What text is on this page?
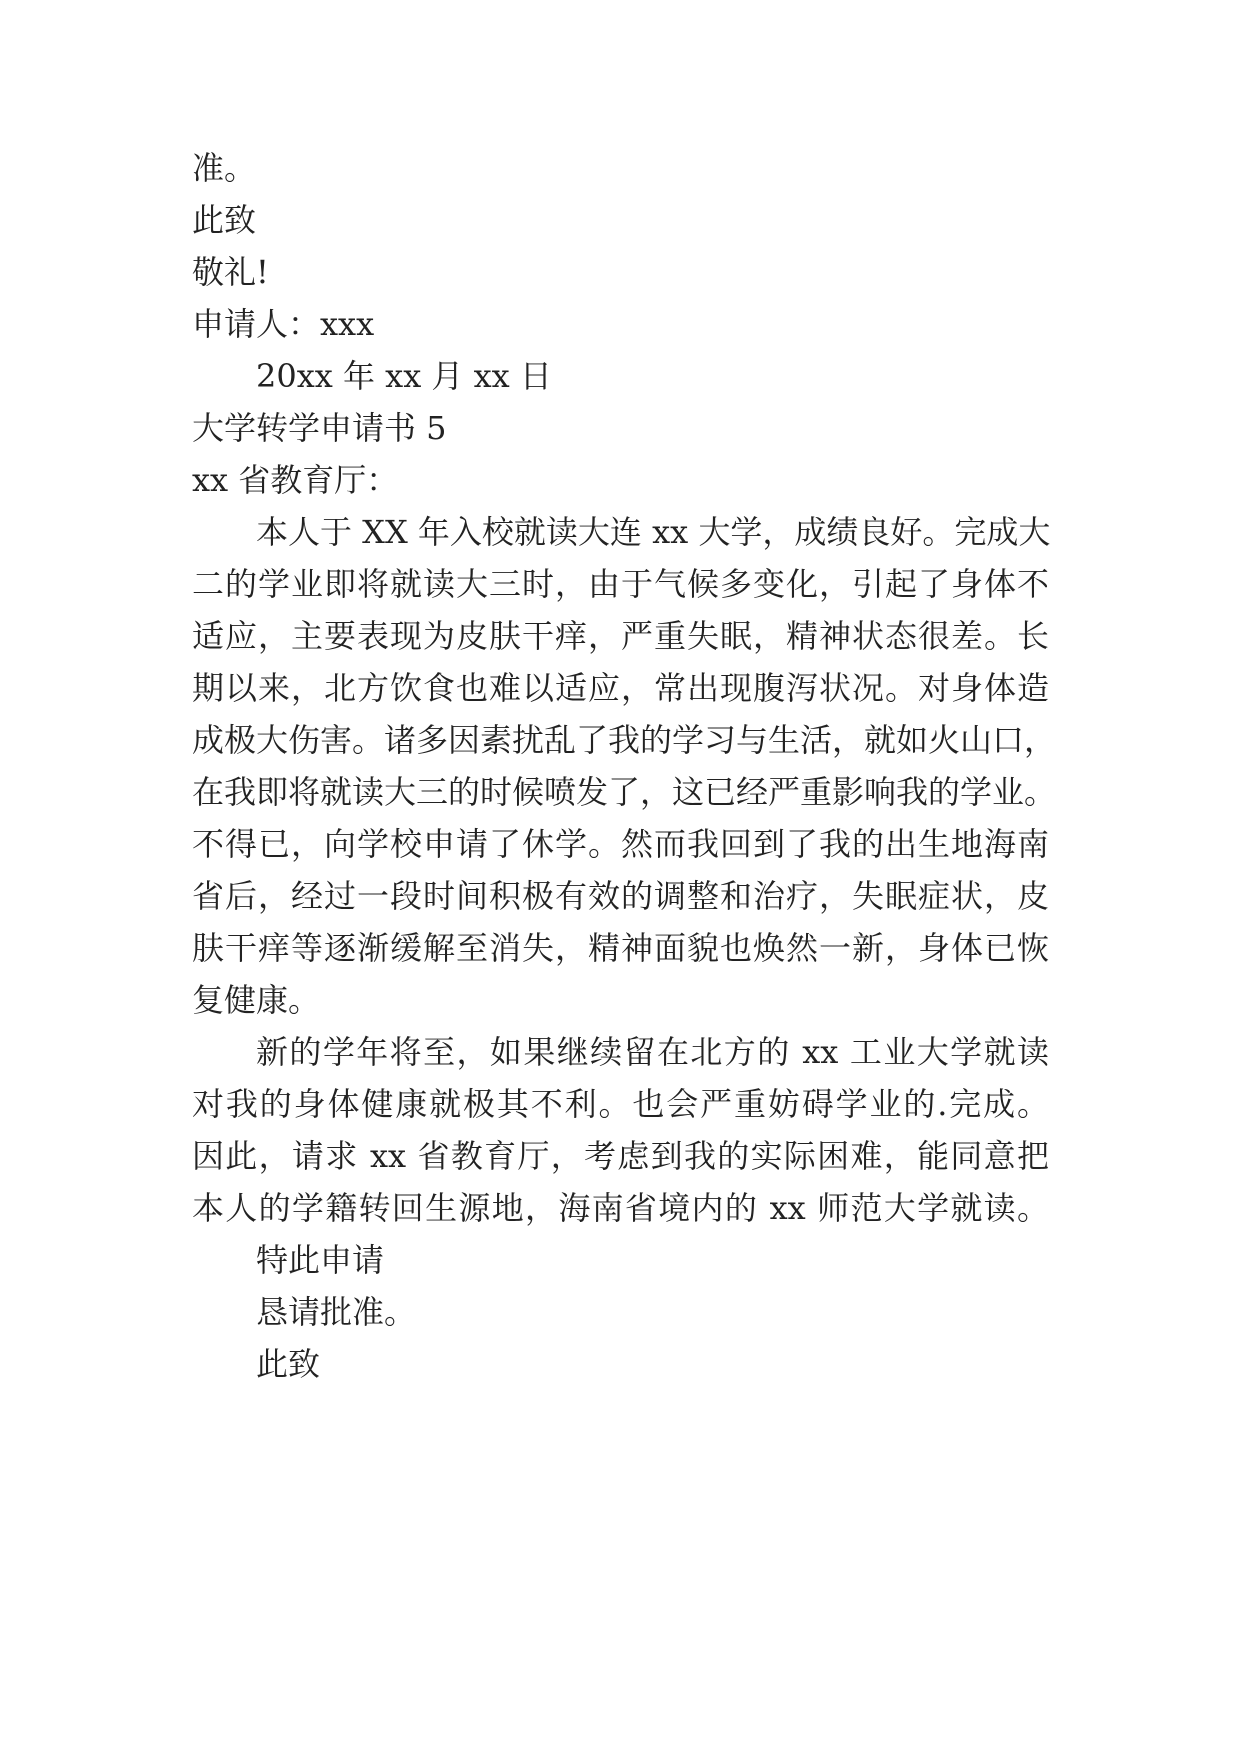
准。

此致

敬礼!

申请人：xxx

20xx 年 xx 月 xx 日

大学转学申请书 5

xx 省教育厅：

本人于 XX 年入校就读大连 xx 大学，成绩良好。完成大

二的学业即将就读大三时，由于气候多变化，引起了身体不

适应，主要表现为皮肤干痒，严重失眠，精神状态很差。长

期以来，北方饮食也难以适应，常出现腹泻状况。对身体造

成极大伤害。诸多因素扰乱了我的学习与生活，就如火山口，

在我即将就读大三的时候喷发了，这已经严重影响我的学业。

不得已，向学校申请了休学。然而我回到了我的出生地海南

省后，经过一段时间积极有效的调整和治疗，失眠症状，皮

肤干痒等逐渐缓解至消失，精神面貌也焕然一新，身体已恢

复健康。

新的学年将至，如果继续留在北方的 xx 工业大学就读

对我的身体健康就极其不利。也会严重妨碍学业的.完成。

因此，请求 xx 省教育厅，考虑到我的实际困难，能同意把

本人的学籍转回生源地，海南省境内的 xx 师范大学就读。

特此申请

恳请批准。

此致
